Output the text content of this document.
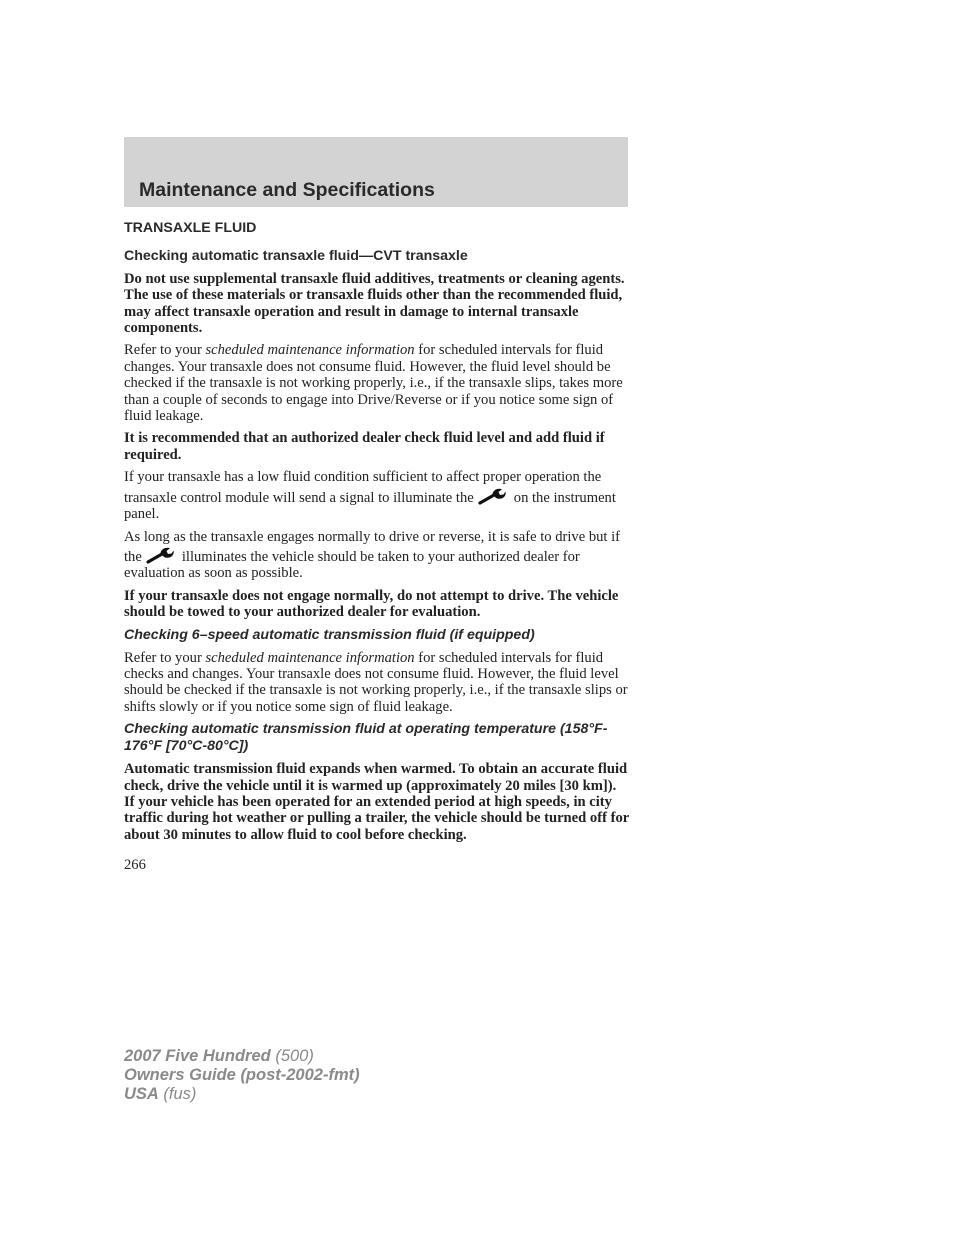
Maintenance and Specifications
TRANSAXLE FLUID
Checking automatic transaxle fluid—CVT transaxle

Do not use supplemental transaxle fluid additives, treatments or cleaning agents. The use of these materials or transaxle fluids other than the recommended fluid, may affect transaxle operation and result in damage to internal transaxle components.

Refer to your scheduled maintenance information for scheduled intervals for fluid changes. Your transaxle does not consume fluid. However, the fluid level should be checked if the transaxle is not working properly, i.e., if the transaxle slips, takes more than a couple of seconds to engage into Drive/Reverse or if you notice some sign of fluid leakage.

It is recommended that an authorized dealer check fluid level and add fluid if required.

If your transaxle has a low fluid condition sufficient to affect proper operation the transaxle control module will send a signal to illuminate the	on the instrument panel.

As long as the transaxle engages normally to drive or reverse, it is safe to drive but if the	illuminates the vehicle should be taken to your authorized dealer for evaluation as soon as possible.

If your transaxle does not engage normally, do not attempt to drive. The vehicle should be towed to your authorized dealer for evaluation.

Checking 6–speed automatic transmission fluid (if equipped)

Refer to your scheduled maintenance information for scheduled intervals for fluid checks and changes. Your transaxle does not consume fluid. However, the fluid level should be checked if the transaxle is not working properly, i.e., if the transaxle slips or shifts slowly or if you notice some sign of fluid leakage.

Checking automatic transmission fluid at operating temperature (158°F-176°F [70°C-80°C])

Automatic transmission fluid expands when warmed. To obtain an accurate fluid check, drive the vehicle until it is warmed up (approximately 20 miles [30 km]). If your vehicle has been operated for an extended period at high speeds, in city traffic during hot weather or pulling a trailer, the vehicle should be turned off for about 30 minutes to allow fluid to cool before checking.

266
2007 Five Hundred (500)
Owners Guide (post-2002-fmt)
USA (fus)
